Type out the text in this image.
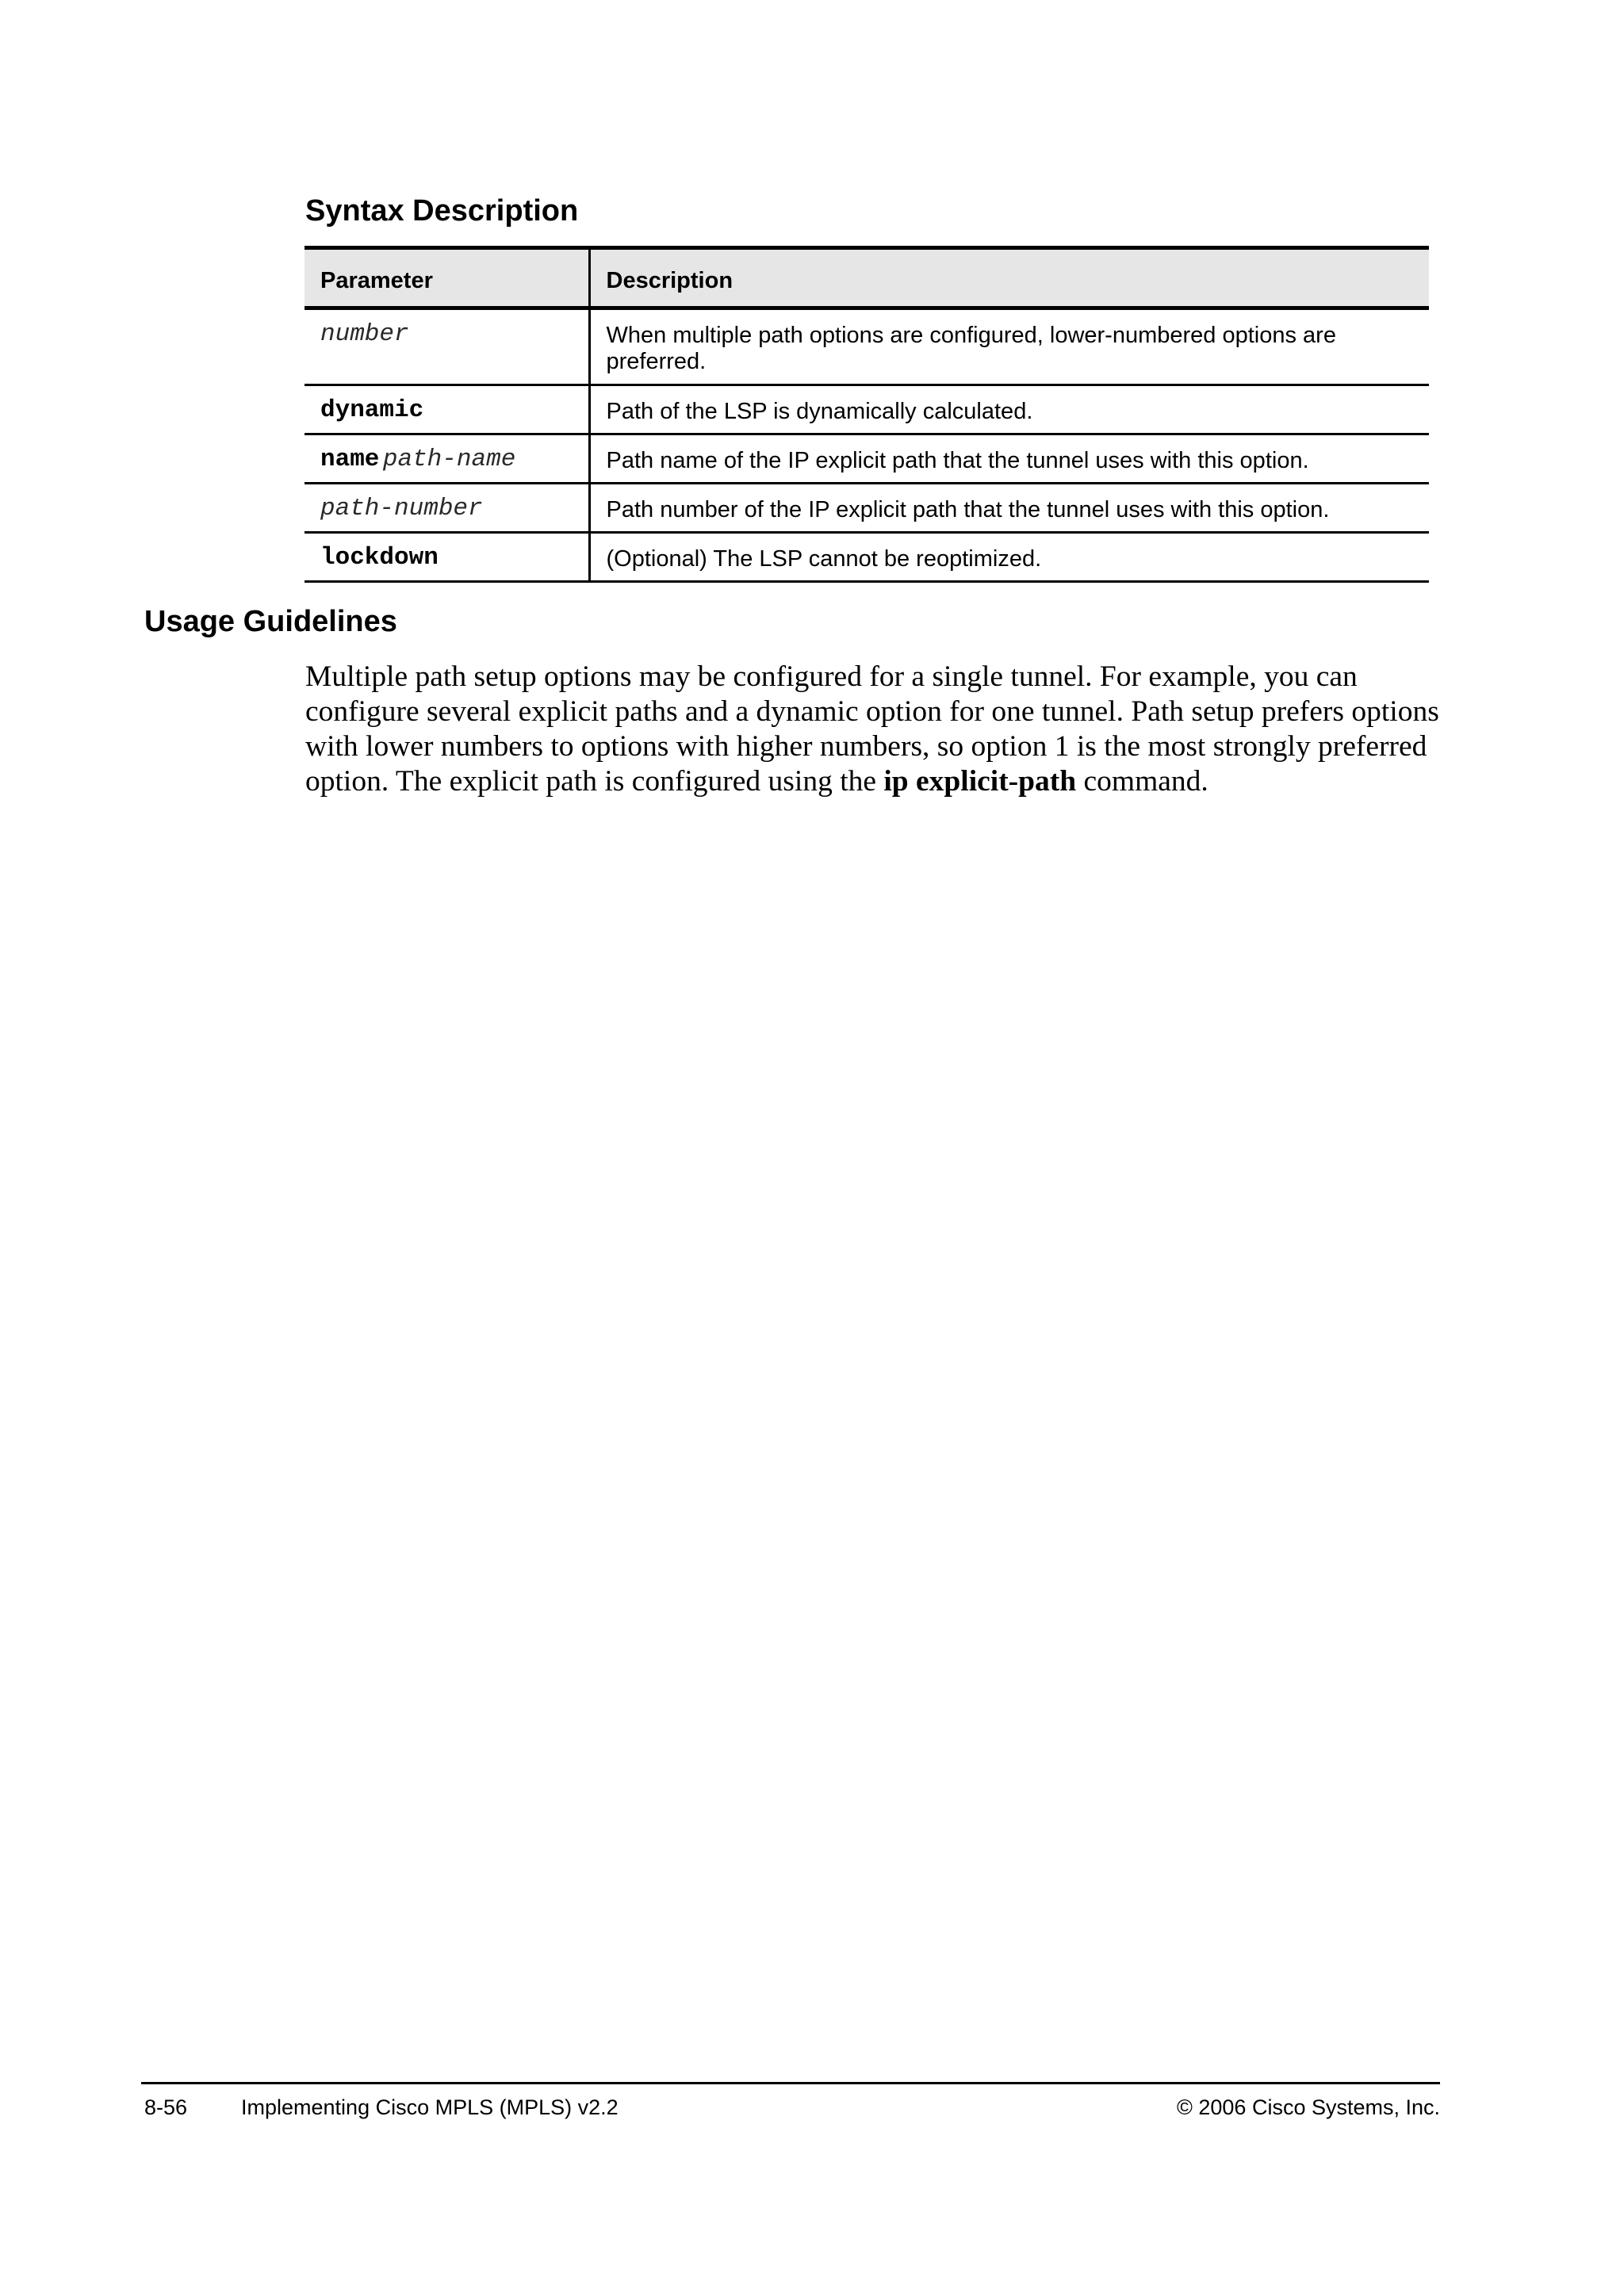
Syntax Description
Parameter	Description
number	When multiple path options are configured, lower-numbered options are preferred.
dynamic	Path of the LSP is dynamically calculated.
name path-name	Path name of the IP explicit path that the tunnel uses with this option.
path-number	Path number of the IP explicit path that the tunnel uses with this option.
lockdown	(Optional) The LSP cannot be reoptimized.
Usage Guidelines

Multiple path setup options may be configured for a single tunnel. For example, you can configure several explicit paths and a dynamic option for one tunnel. Path setup prefers options with lower numbers to options with higher numbers, so option 1 is the most strongly preferred option. The explicit path is configured using the ip explicit-path command.

8-56	Implementing Cisco MPLS (MPLS) v2.2	© 2006 Cisco Systems, Inc.
